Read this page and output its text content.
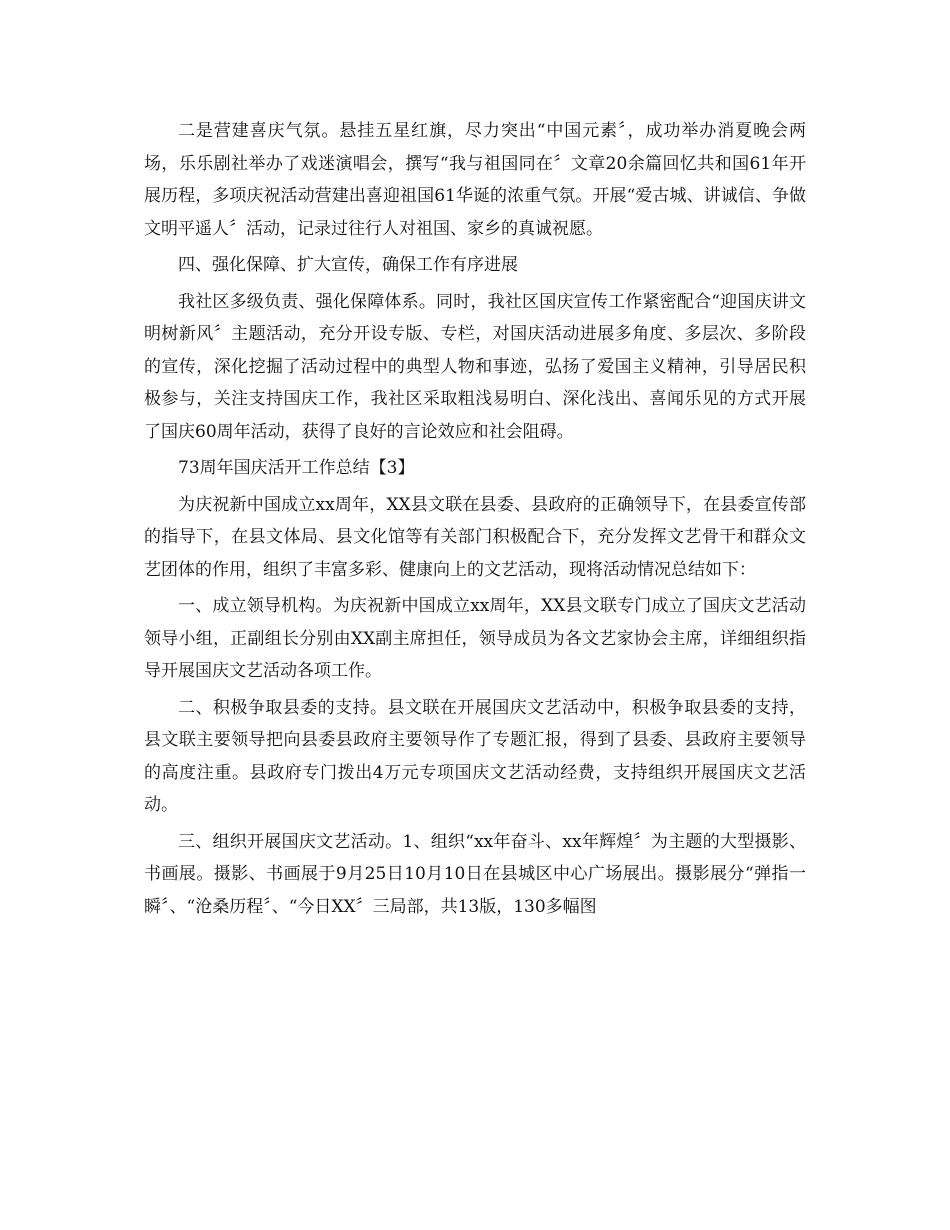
二是营建喜庆气氛。悬挂五星红旗，尽力突出“中国元素〞，成功举办消夏晚会两场，乐乐剧社举办了戏迷演唱会，撰写“我与祖国同在〞文章20余篇回忆共和国61年开展历程，多项庆祝活动营建出喜迎祖国61华诞的浓重气氛。开展“爱古城、讲诚信、争做文明平遥人〞活动，记录过往行人对祖国、家乡的真诚祝愿。

四、强化保障、扩大宣传，确保工作有序进展

我社区多级负责、强化保障体系。同时，我社区国庆宣传工作紧密配合“迎国庆讲文明树新风〞主题活动，充分开设专版、专栏，对国庆活动进展多角度、多层次、多阶段的宣传，深化挖掘了活动过程中的典型人物和事迹，弘扬了爱国主义精神，引导居民积极参与，关注支持国庆工作，我社区采取粗浅易明白、深化浅出、喜闻乐见的方式开展了国庆60周年活动，获得了良好的言论效应和社会阻碍。

73周年国庆活开工作总结【3】

为庆祝新中国成立xx周年，XX县文联在县委、县政府的正确领导下，在县委宣传部的指导下，在县文体局、县文化馆等有关部门积极配合下，充分发挥文艺骨干和群众文艺团体的作用，组织了丰富多彩、健康向上的文艺活动，现将活动情况总结如下：

一、成立领导机构。为庆祝新中国成立xx周年，XX县文联专门成立了国庆文艺活动领导小组，正副组长分别由XX副主席担任，领导成员为各文艺家协会主席，详细组织指导开展国庆文艺活动各项工作。

二、积极争取县委的支持。县文联在开展国庆文艺活动中，积极争取县委的支持，县文联主要领导把向县委县政府主要领导作了专题汇报，得到了县委、县政府主要领导的高度注重。县政府专门拨出4万元专项国庆文艺活动经费，支持组织开展国庆文艺活动。

三、组织开展国庆文艺活动。1、组织“xx年奋斗、xx年辉煌〞为主题的大型摄影、书画展。摄影、书画展于9月25日10月10日在县城区中心广场展出。摄影展分“弹指一瞬〞、“沧桑历程〞、“今日XX〞三局部，共13版，130多幅图
